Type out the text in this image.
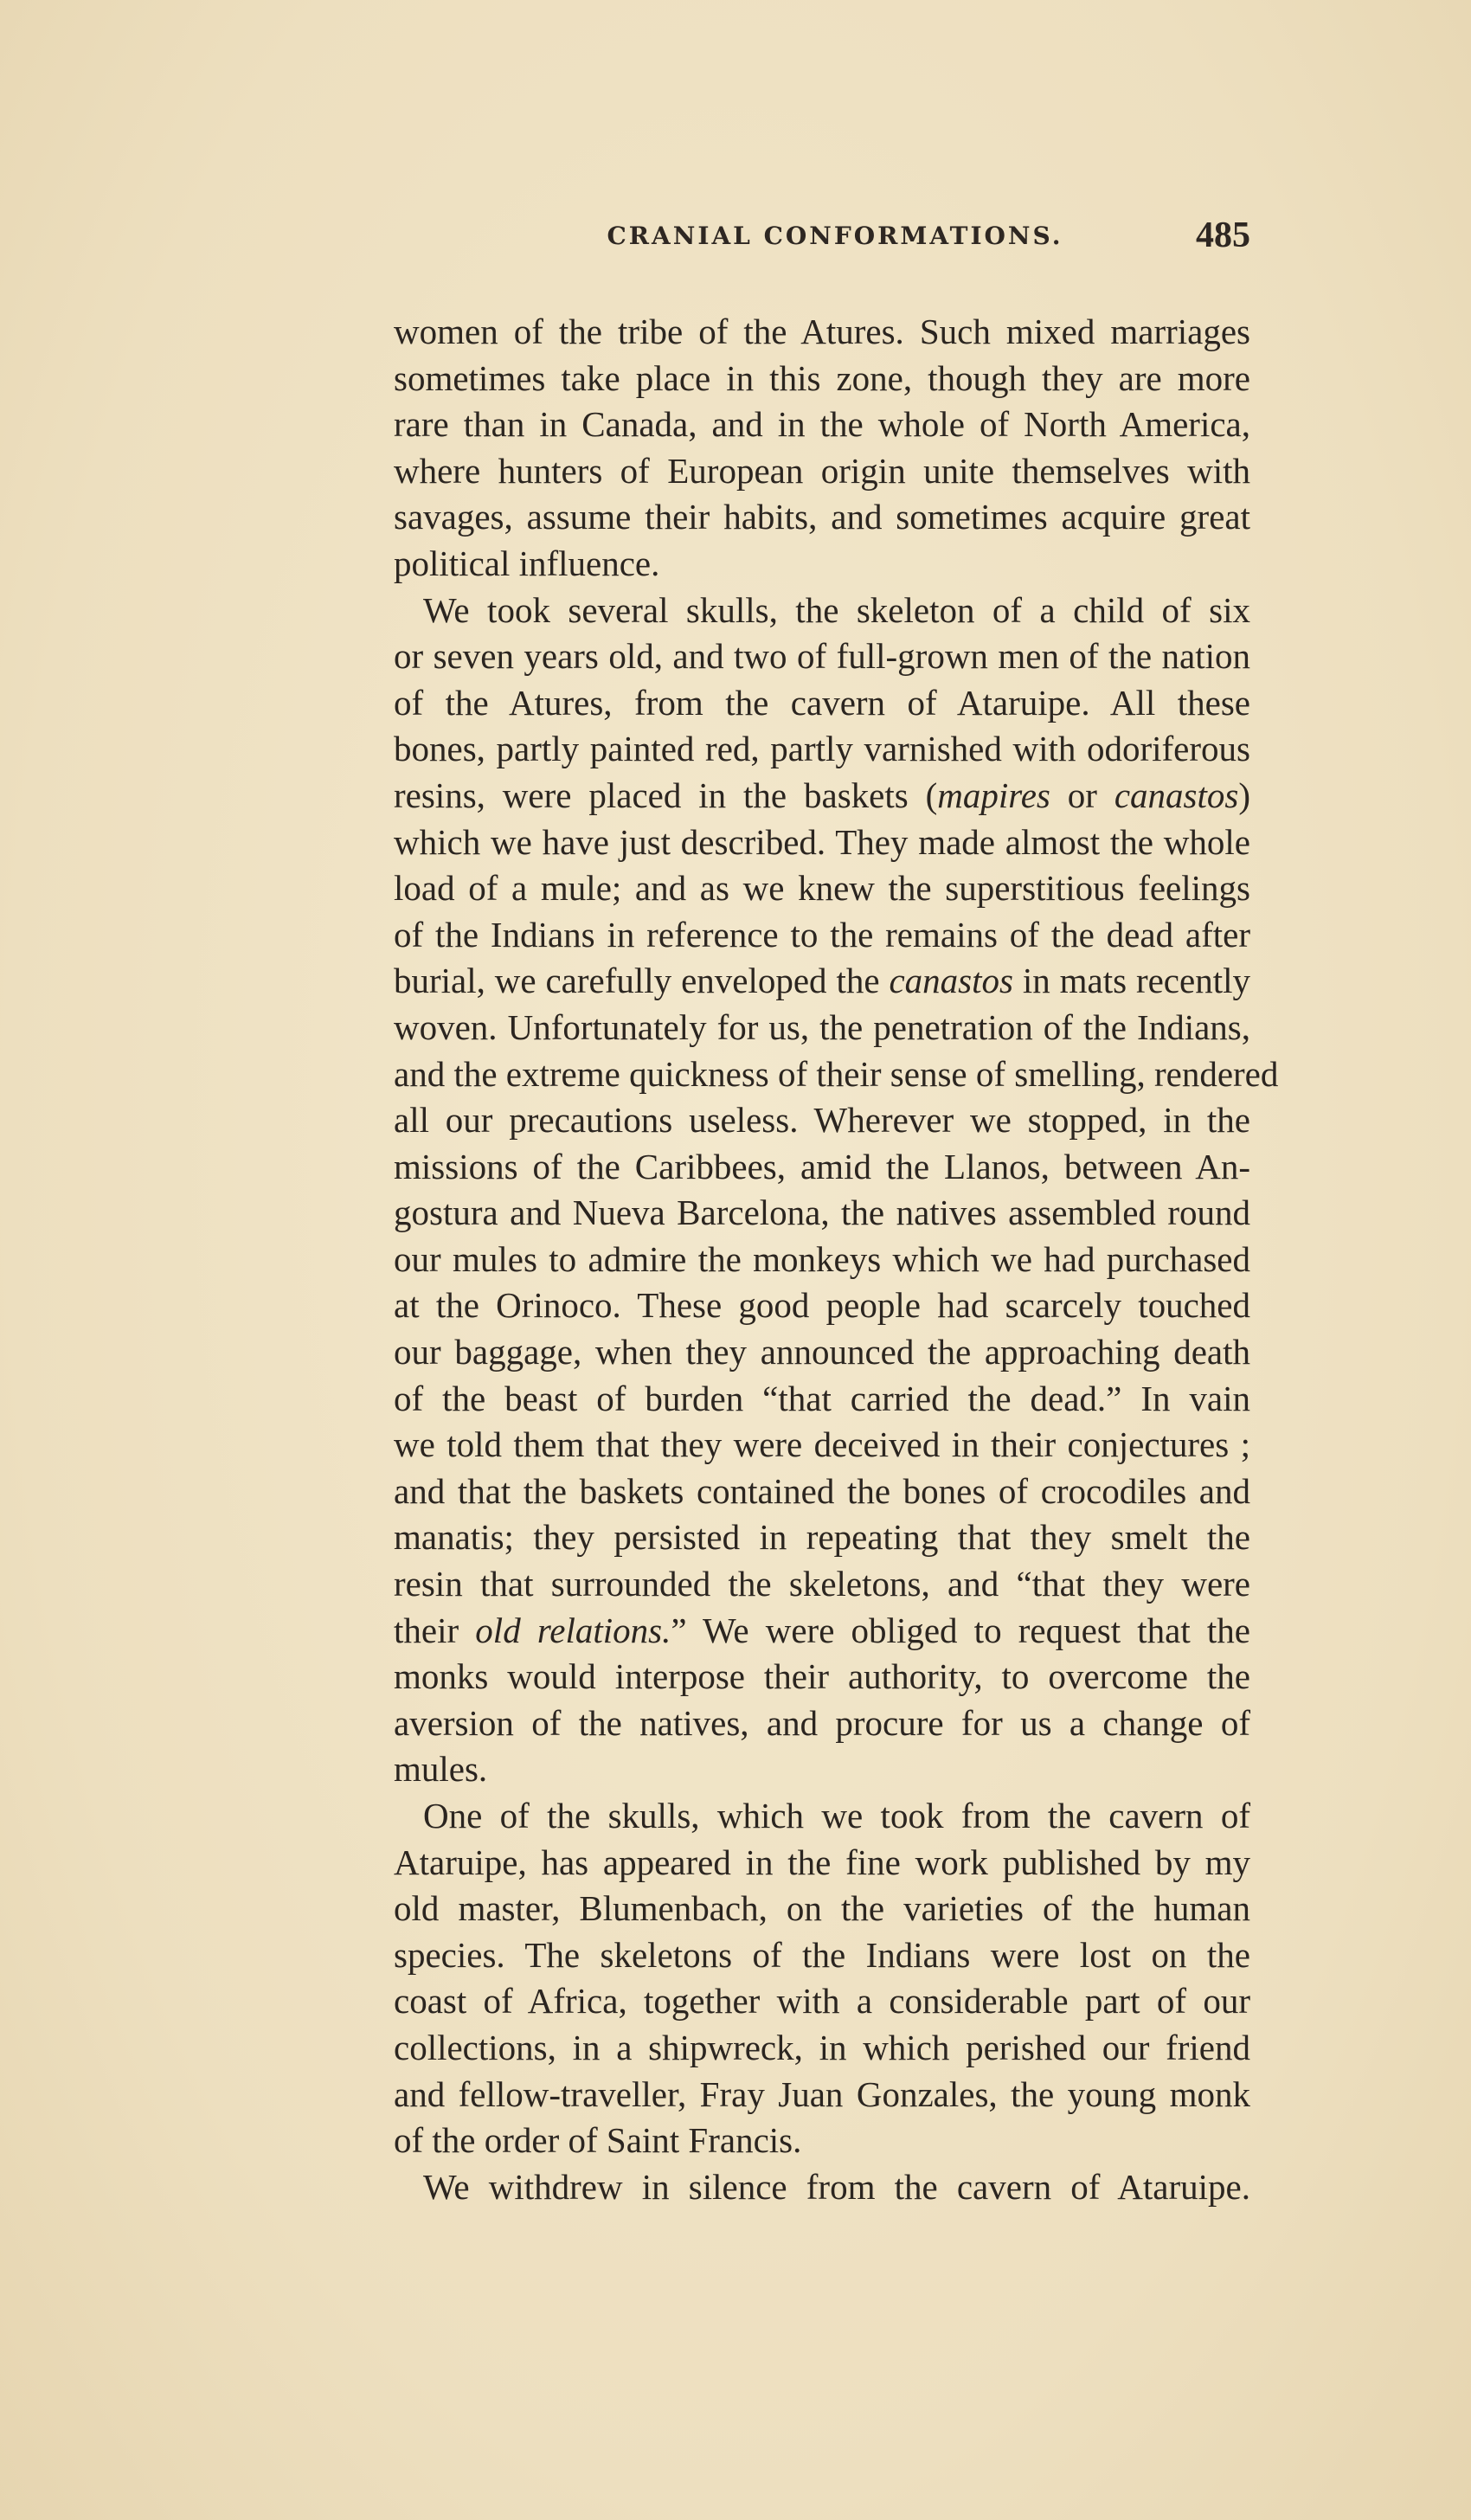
CRANIAL CONFORMATIONS.	485
women of the tribe of the Atures. Such mixed marriages
sometimes take place in this zone, though they are more
rare than in Canada, and in the whole of North America,
where hunters of European origin unite themselves with
savages, assume their habits, and sometimes acquire great
political influence.
We took several skulls, the skeleton of a child of six
or seven years old, and two of full-grown men of the nation
of the Atures, from the cavern of Ataruipe. All these
bones, partly painted red, partly varnished with odoriferous
resins, were placed in the baskets (mapires or canastos)
which we have just described. They made almost the whole
load of a mule; and as we knew the superstitious feelings
of the Indians in reference to the remains of the dead after
burial, we carefully enveloped the canastos in mats recently
woven. Unfortunately for us, the penetration of the Indians,
and the extreme quickness of their sense of smelling, rendered
all our precautions useless. Wherever we stopped, in the
missions of the Caribbees, amid the Llanos, between An-
gostura and Nueva Barcelona, the natives assembled round
our mules to admire the monkeys which we had purchased
at the Orinoco. These good people had scarcely touched
our baggage, when they announced the approaching death
of the beast of burden “that carried the dead.” In vain
we told them that they were deceived in their conjectures ;
and that the baskets contained the bones of crocodiles and
manatis; they persisted in repeating that they smelt the
resin that surrounded the skeletons, and “that they were
their old relations.” We were obliged to request that the
monks would interpose their authority, to overcome the
aversion of the natives, and procure for us a change of
mules.
One of the skulls, which we took from the cavern of
Ataruipe, has appeared in the fine work published by my
old master, Blumenbach, on the varieties of the human
species. The skeletons of the Indians were lost on the
coast of Africa, together with a considerable part of our
collections, in a shipwreck, in which perished our friend
and fellow-traveller, Fray Juan Gonzales, the young monk
of the order of Saint Francis.
We withdrew in silence from the cavern of Ataruipe.
